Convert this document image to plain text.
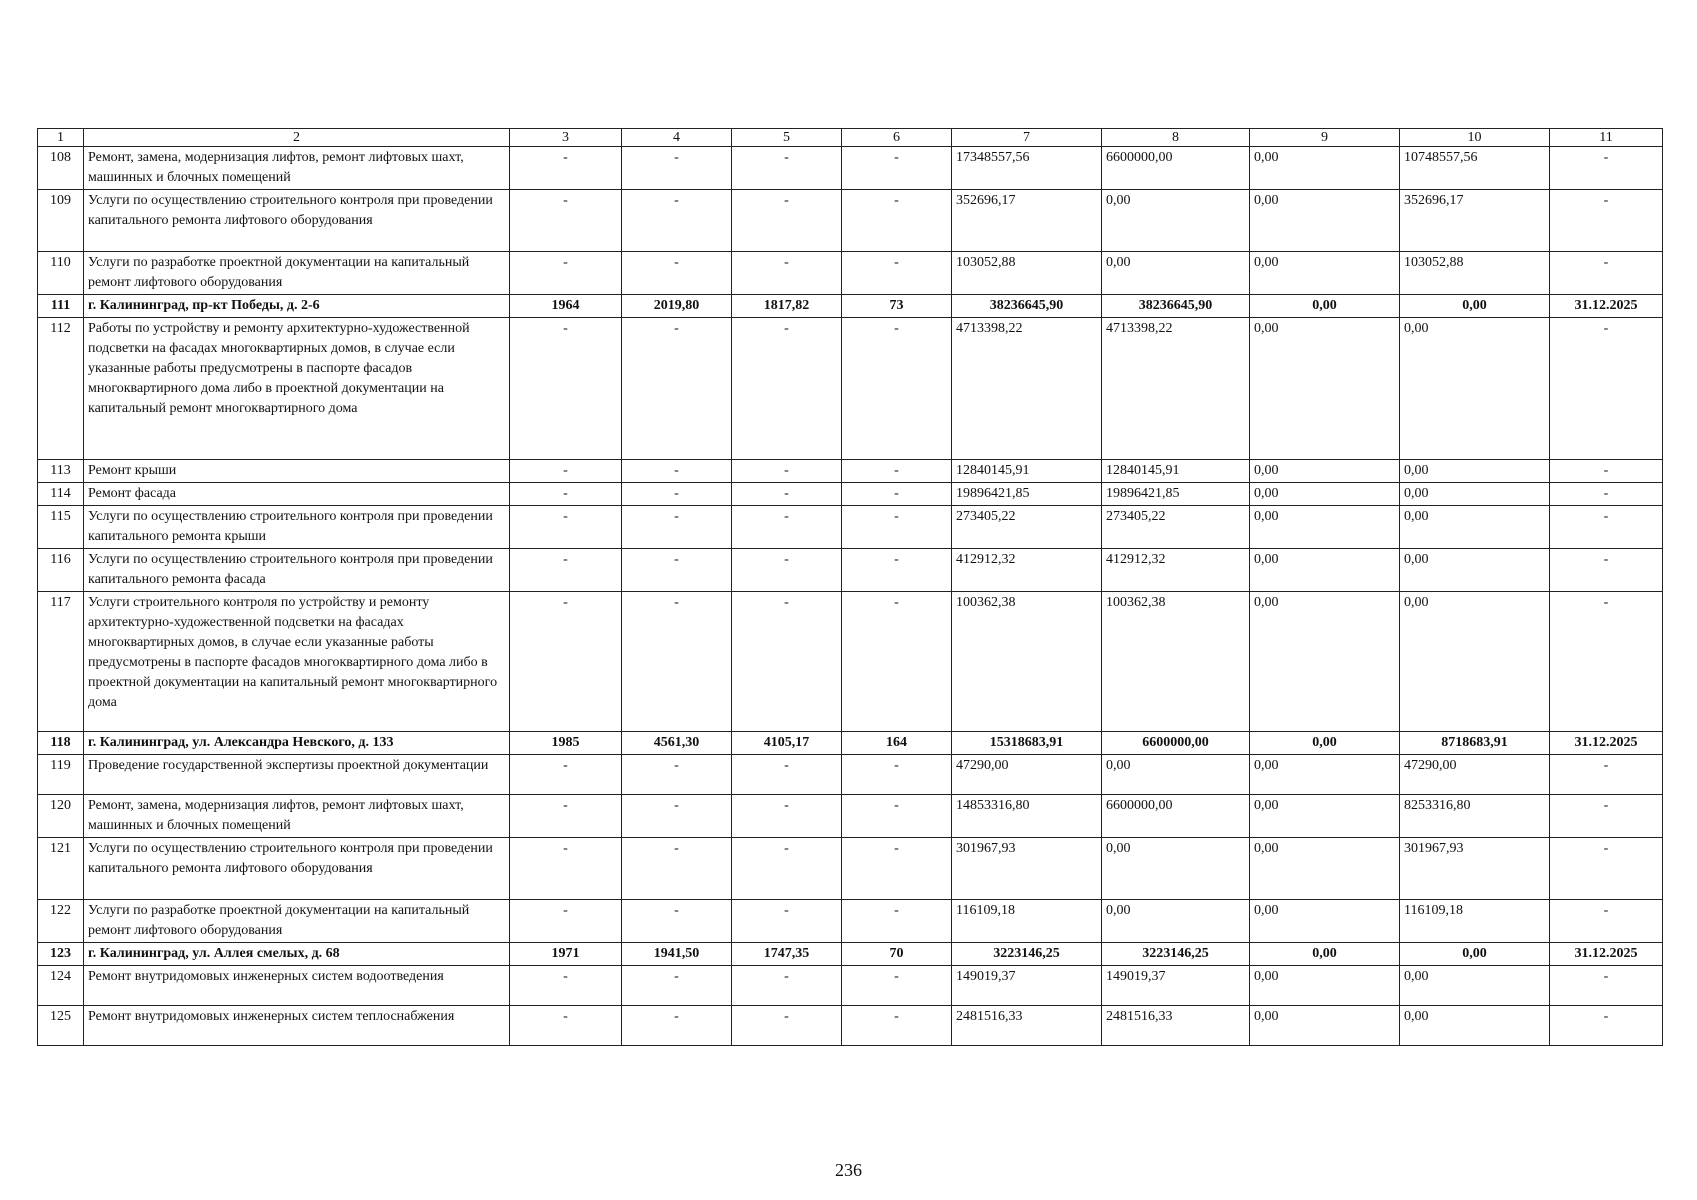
1	2	3	4	5	6	7	8	9	10	11
108	Ремонт, замена, модернизация лифтов, ремонт лифтовых шахт, машинных и блочных помещений	-	-	-	-	17348557,56	6600000,00	0,00	10748557,56	-
109	Услуги по осуществлению строительного контроля при проведении капитального ремонта лифтового оборудования	-	-	-	-	352696,17	0,00	0,00	352696,17	-
110	Услуги по разработке проектной документации на капитальный ремонт лифтового оборудования	-	-	-	-	103052,88	0,00	0,00	103052,88	-
111	г. Калининград, пр-кт Победы, д. 2-6	1964	2019,80	1817,82	73	38236645,90	38236645,90	0,00	0,00	31.12.2025
112	Работы по устройству и ремонту архитектурно-художественной подсветки на фасадах многоквартирных домов, в случае если указанные работы предусмотрены в паспорте фасадов многоквартирного дома либо в проектной документации на капитальный ремонт многоквартирного дома	-	-	-	-	4713398,22	4713398,22	0,00	0,00	-
113	Ремонт крыши	-	-	-	-	12840145,91	12840145,91	0,00	0,00	-
114	Ремонт фасада	-	-	-	-	19896421,85	19896421,85	0,00	0,00	-
115	Услуги по осуществлению строительного контроля при проведении капитального ремонта крыши	-	-	-	-	273405,22	273405,22	0,00	0,00	-
116	Услуги по осуществлению строительного контроля при проведении капитального ремонта фасада	-	-	-	-	412912,32	412912,32	0,00	0,00	-
117	Услуги строительного контроля по устройству и ремонту архитектурно-художественной подсветки на фасадах многоквартирных домов, в случае если указанные работы предусмотрены в паспорте фасадов многоквартирного дома либо в проектной документации на капитальный ремонт многоквартирного дома	-	-	-	-	100362,38	100362,38	0,00	0,00	-
118	г. Калининград, ул. Александра Невского, д. 133	1985	4561,30	4105,17	164	15318683,91	6600000,00	0,00	8718683,91	31.12.2025
119	Проведение государственной экспертизы проектной документации	-	-	-	-	47290,00	0,00	0,00	47290,00	-
120	Ремонт, замена, модернизация лифтов, ремонт лифтовых шахт, машинных и блочных помещений	-	-	-	-	14853316,80	6600000,00	0,00	8253316,80	-
121	Услуги по осуществлению строительного контроля при проведении капитального ремонта лифтового оборудования	-	-	-	-	301967,93	0,00	0,00	301967,93	-
122	Услуги по разработке проектной документации на капитальный ремонт лифтового оборудования	-	-	-	-	116109,18	0,00	0,00	116109,18	-
123	г. Калининград, ул. Аллея смелых, д. 68	1971	1941,50	1747,35	70	3223146,25	3223146,25	0,00	0,00	31.12.2025
124	Ремонт внутридомовых инженерных систем водоотведения	-	-	-	-	149019,37	149019,37	0,00	0,00	-
125	Ремонт внутридомовых инженерных систем теплоснабжения	-	-	-	-	2481516,33	2481516,33	0,00	0,00	-
236
